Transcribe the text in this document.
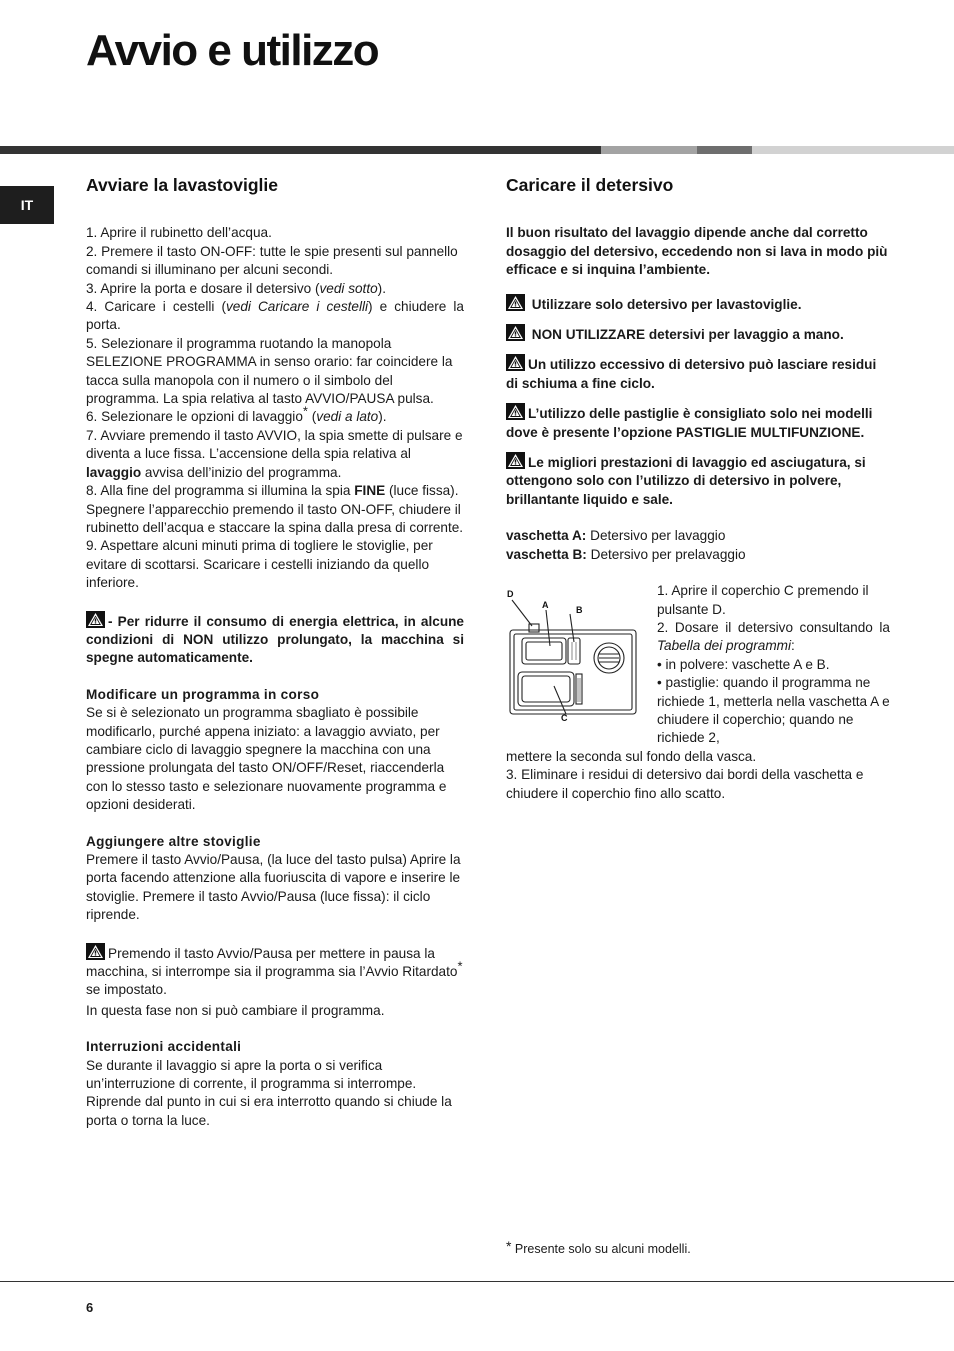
Avvio e utilizzo
IT
Avviare la lavastoviglie

1. Aprire il rubinetto dell’acqua.

2. Premere il tasto ON-OFF: tutte le spie presenti sul pannello comandi si illuminano per alcuni secondi.

3. Aprire la porta e dosare il detersivo (vedi sotto).

4. Caricare i cestelli (vedi Caricare i cestelli) e chiudere la porta.

5. Selezionare il programma ruotando la manopola SELEZIONE PROGRAMMA in senso orario: far coincidere la tacca sulla manopola con il numero o il simbolo del programma. La spia relativa al tasto AVVIO/PAUSA pulsa.

6. Selezionare le opzioni di lavaggio* (vedi a lato).

7. Avviare premendo il tasto AVVIO, la spia smette di pulsare e diventa a luce fissa. L’accensione della spia relativa al lavaggio avvisa dell’inizio del programma.

8. Alla fine del programma si illumina la spia FINE (luce fissa). Spegnere l’apparecchio premendo il tasto ON-OFF, chiudere il rubinetto dell’acqua e staccare la spina dalla presa di corrente.

9. Aspettare alcuni minuti prima di togliere le stoviglie, per evitare di scottarsi. Scaricare i cestelli iniziando da quello inferiore.

- Per ridurre il consumo di energia elettrica, in alcune condizioni di NON utilizzo prolungato, la macchina si spegne automaticamente.

Modificare un programma in corso

Se si è selezionato un programma sbagliato è possibile modificarlo, purché appena iniziato: a lavaggio avviato, per cambiare ciclo di lavaggio spegnere la macchina con una pressione prolungata del tasto ON/OFF/Reset, riaccenderla con lo stesso tasto e selezionare nuovamente programma e opzioni desiderati.

Aggiungere altre stoviglie

Premere il tasto Avvio/Pausa, (la luce del tasto pulsa) Aprire la porta facendo attenzione alla fuoriuscita di vapore e inserire le stoviglie. Premere il tasto Avvio/Pausa (luce fissa): il ciclo riprende.

Premendo il tasto Avvio/Pausa per mettere in pausa la macchina, si interrompe sia il programma sia l’Avvio Ritardato* se impostato.

In questa fase non si può cambiare il programma.

Interruzioni accidentali

Se durante il lavaggio si apre la porta o si verifica un’interruzione di corrente, il programma si interrompe. Riprende dal punto in cui si era interrotto quando si chiude la porta o torna la luce.

Caricare il detersivo

Il buon risultato del lavaggio dipende anche dal corretto dosaggio del detersivo, eccedendo non si lava in modo più efficace e si inquina l’ambiente.

Utilizzare solo detersivo per lavastoviglie.

NON UTILIZZARE detersivi per lavaggio a mano.

Un utilizzo eccessivo di detersivo può lasciare residui di schiuma a fine ciclo.

L’utilizzo delle pastiglie è consigliato solo nei modelli dove è presente l’opzione PASTIGLIE MULTIFUNZIONE.

Le migliori prestazioni di lavaggio ed asciugatura, si ottengono solo con l’utilizzo di detersivo in polvere, brillantante liquido e sale.

vaschetta A: Detersivo per lavaggio

vaschetta B: Detersivo per prelavaggio

D
A	B
C

1. Aprire il coperchio C premendo il pulsante D.

2. Dosare il detersivo consultando la Tabella dei programmi:

• in polvere: vaschette A e B.

• pastiglie: quando il programma ne richiede 1, metterla nella vaschetta A e chiudere il coperchio; quando ne richiede 2,

mettere la seconda sul fondo della vasca.

3. Eliminare i residui di detersivo dai bordi della vaschetta e chiudere il coperchio fino allo scatto.

* Presente solo su alcuni modelli.
6
